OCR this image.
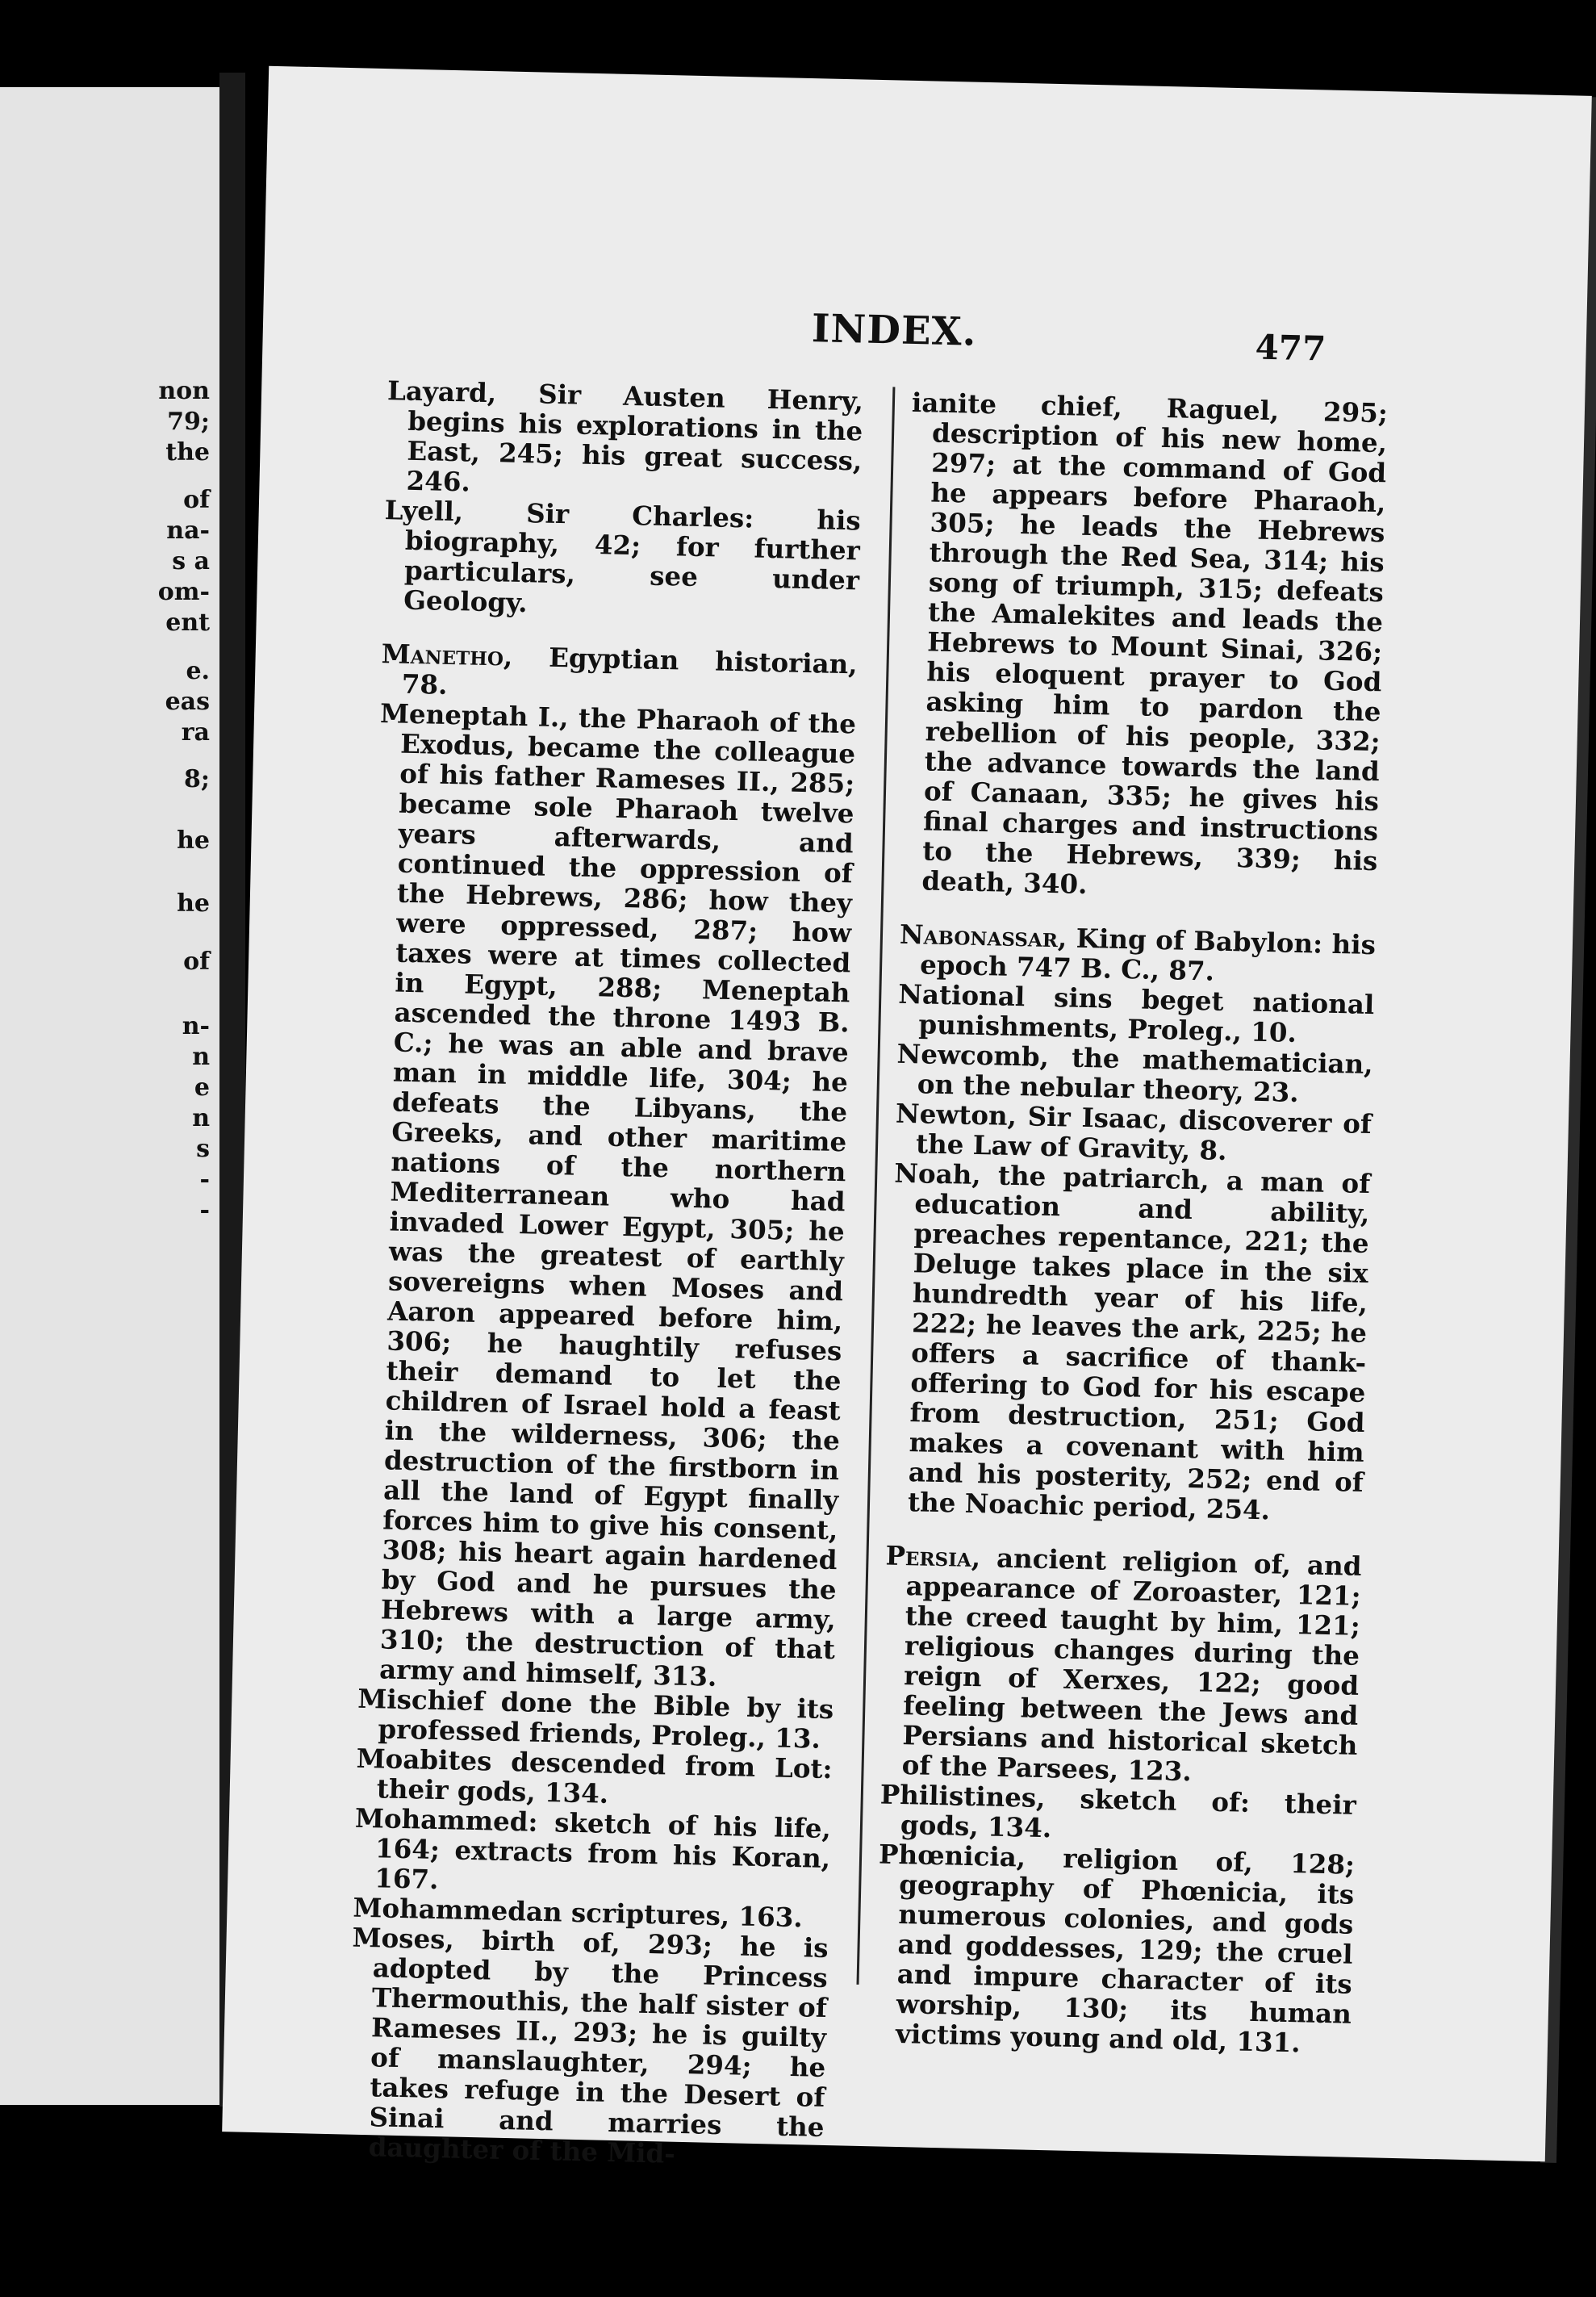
non
79;
the
of
na-
s a
om-
ent
e.
eas
ra
8;
he
he
of
n-
n
e
n
s
-
-
INDEX.	477
Layard, Sir Austen Henry, begins his explorations in the East, 245; his great success, 246.
Lyell, Sir Charles: his biography, 42; for further particulars, see under Geology.
Manetho, Egyptian historian, 78.
Meneptah I., the Pharaoh of the Exodus, became the colleague of his father Rameses II., 285; became sole Pharaoh twelve years afterwards, and continued the oppression of the Hebrews, 286; how they were oppressed, 287; how taxes were at times collected in Egypt, 288; Meneptah ascended the throne 1493 B. C.; he was an able and brave man in middle life, 304; he defeats the Libyans, the Greeks, and other maritime nations of the northern Mediterranean who had invaded Lower Egypt, 305; he was the greatest of earthly sovereigns when Moses and Aaron appeared before him, 306; he haughtily refuses their demand to let the children of Israel hold a feast in the wilderness, 306; the destruction of the firstborn in all the land of Egypt finally forces him to give his consent, 308; his heart again hardened by God and he pursues the Hebrews with a large army, 310; the destruction of that army and himself, 313.
Mischief done the Bible by its professed friends, Proleg., 13.
Moabites descended from Lot: their gods, 134.
Mohammed: sketch of his life, 164; extracts from his Koran, 167.
Mohammedan scriptures, 163.
Moses, birth of, 293; he is adopted by the Princess Thermouthis, the half sister of Rameses II., 293; he is guilty of manslaughter, 294; he takes refuge in the Desert of Sinai and marries the daughter of the Mid-
ianite chief, Raguel, 295; description of his new home, 297; at the command of God he appears before Pharaoh, 305; he leads the Hebrews through the Red Sea, 314; his song of triumph, 315; defeats the Amalekites and leads the Hebrews to Mount Sinai, 326; his eloquent prayer to God asking him to pardon the rebellion of his people, 332; the advance towards the land of Canaan, 335; he gives his final charges and instructions to the Hebrews, 339; his death, 340.
Nabonassar, King of Babylon: his epoch 747 B. C., 87.
National sins beget national punishments, Proleg., 10.
Newcomb, the mathematician, on the nebular theory, 23.
Newton, Sir Isaac, discoverer of the Law of Gravity, 8.
Noah, the patriarch, a man of education and ability, preaches repentance, 221; the Deluge takes place in the six hundredth year of his life, 222; he leaves the ark, 225; he offers a sacrifice of thank-offering to God for his escape from destruction, 251; God makes a covenant with him and his posterity, 252; end of the Noachic period, 254.
Persia, ancient religion of, and appearance of Zoroaster, 121; the creed taught by him, 121; religious changes during the reign of Xerxes, 122; good feeling between the Jews and Persians and historical sketch of the Parsees, 123.
Philistines, sketch of: their gods, 134.
Phœnicia, religion of, 128; geography of Phœnicia, its numerous colonies, and gods and goddesses, 129; the cruel and impure character of its worship, 130; its human victims young and old, 131.
